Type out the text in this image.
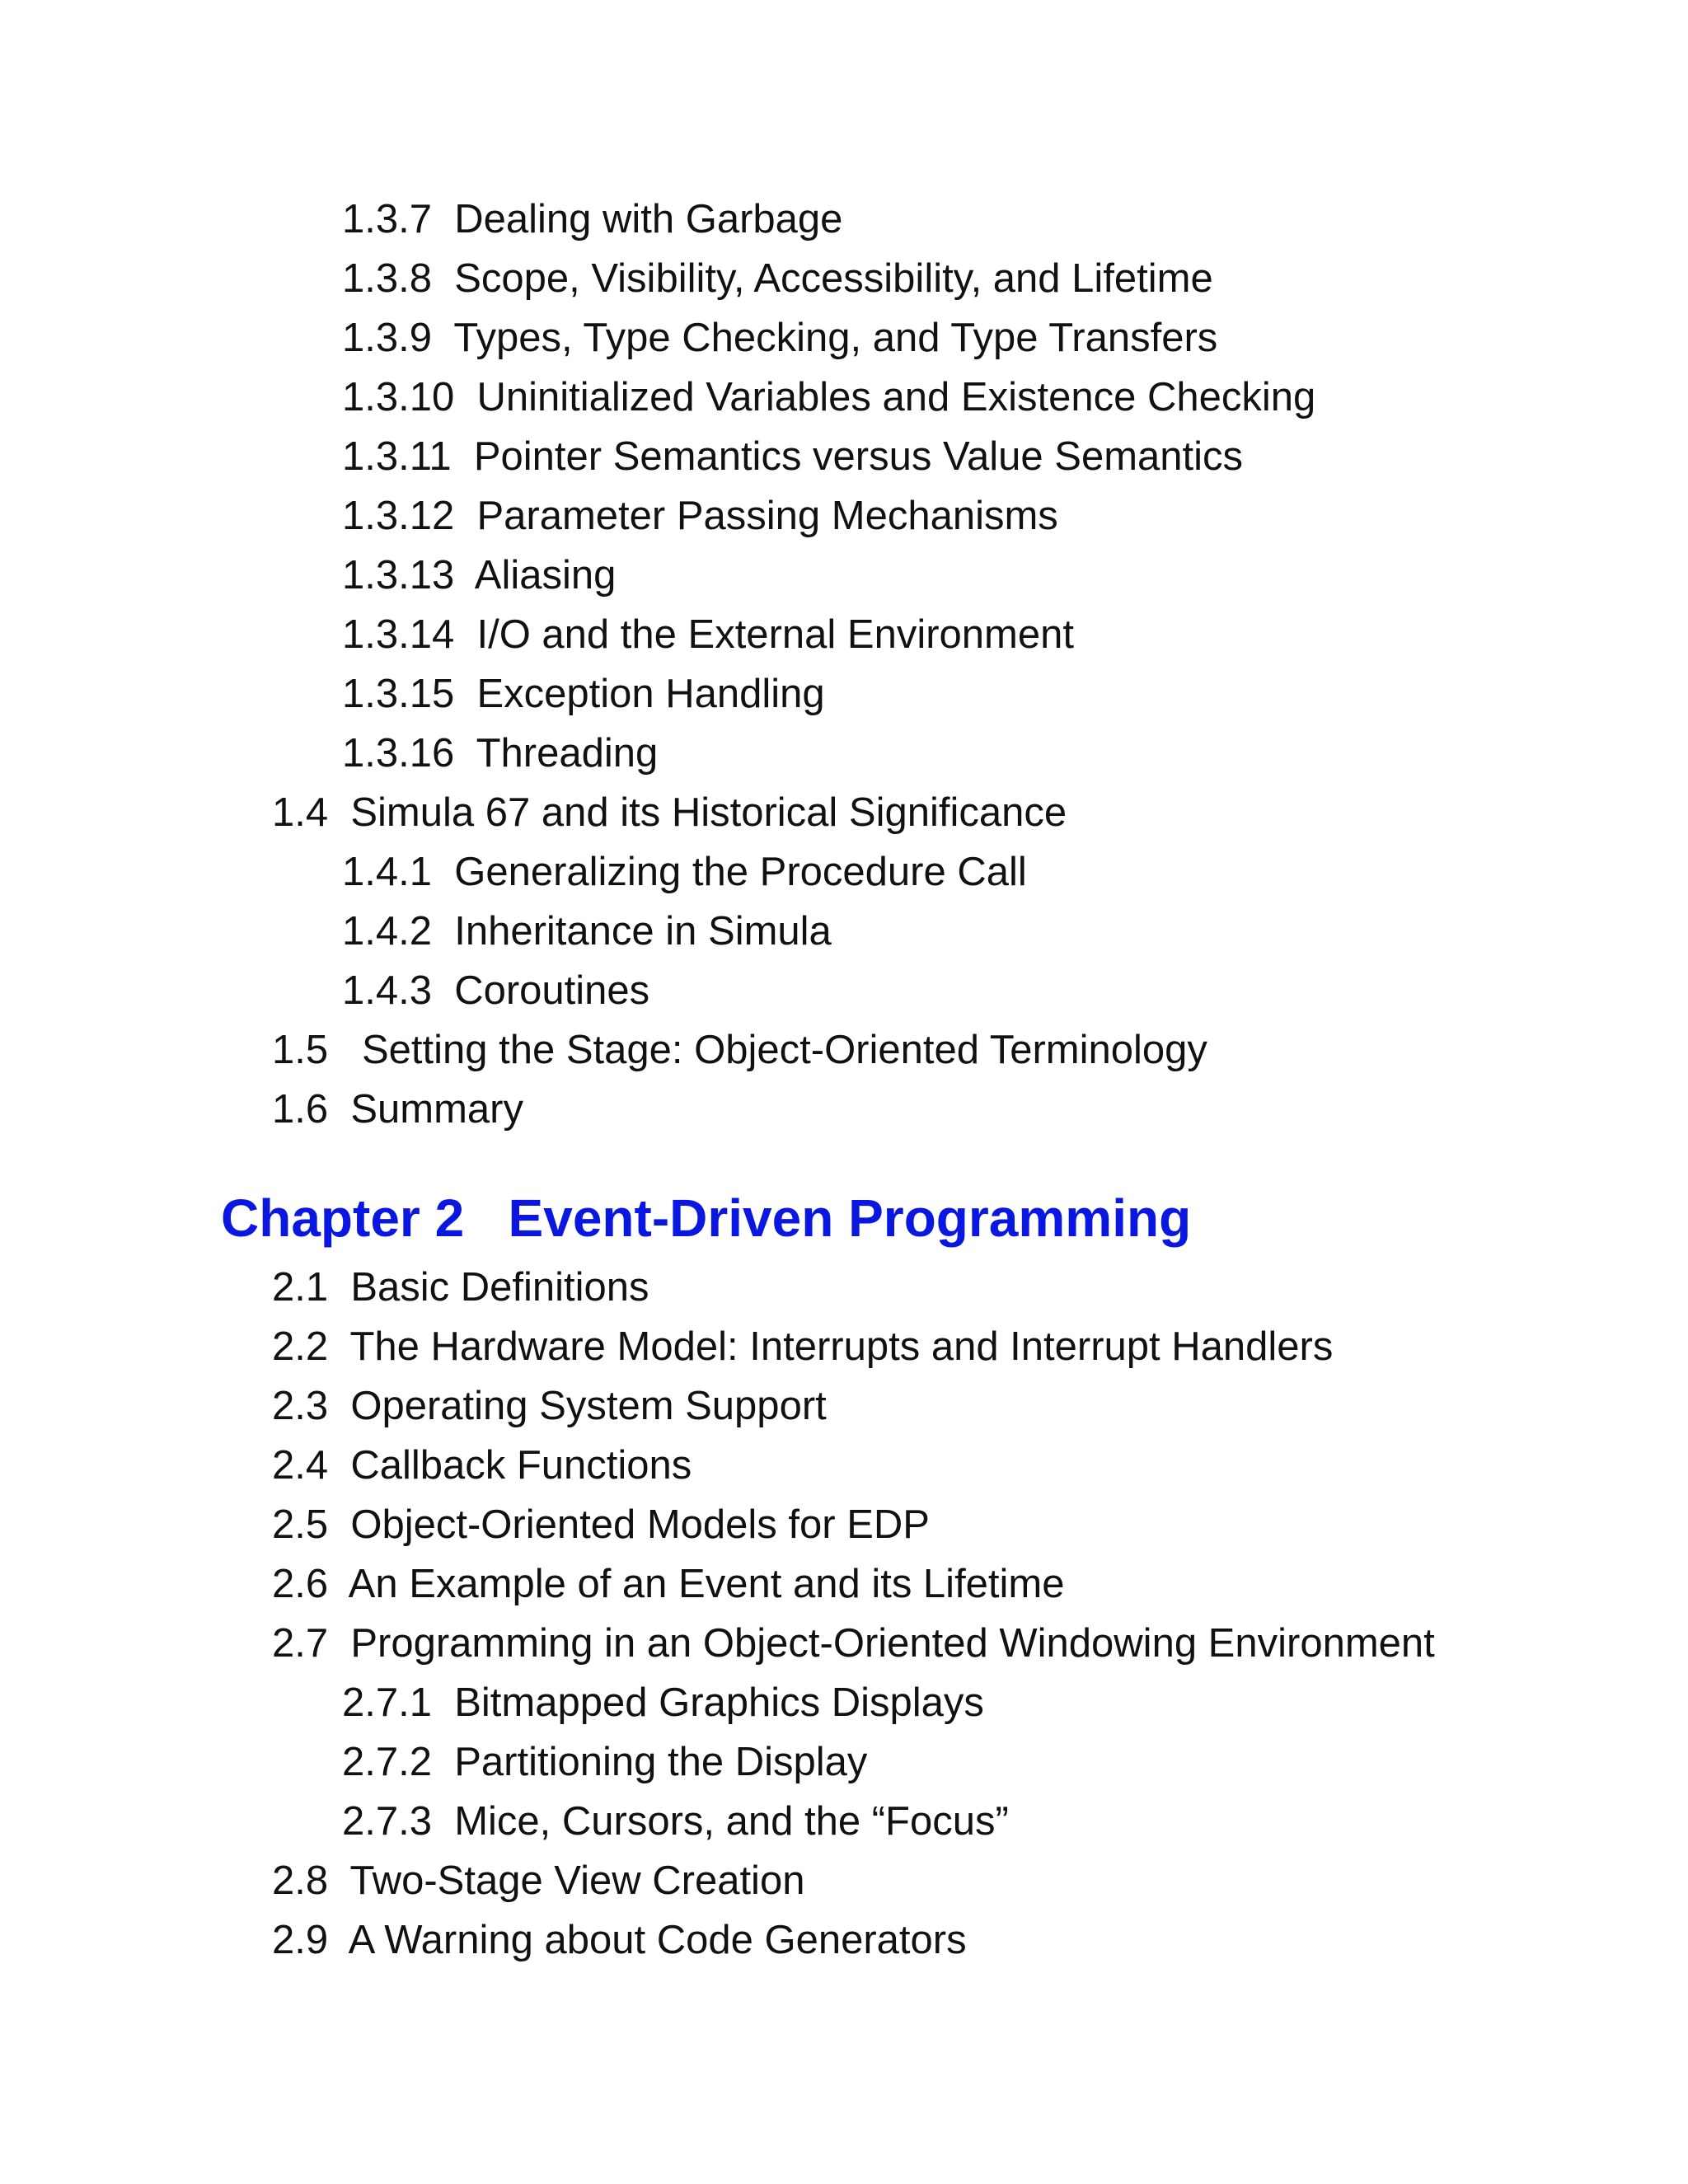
1.3.7  Dealing with Garbage
1.3.8  Scope, Visibility, Accessibility, and Lifetime
1.3.9  Types, Type Checking, and Type Transfers
1.3.10  Uninitialized Variables and Existence Checking
1.3.11  Pointer Semantics versus Value Semantics
1.3.12  Parameter Passing Mechanisms
1.3.13  Aliasing
1.3.14  I/O and the External Environment
1.3.15  Exception Handling
1.3.16  Threading
1.4  Simula 67 and its Historical Significance
1.4.1  Generalizing the Procedure Call
1.4.2  Inheritance in Simula
1.4.3  Coroutines
1.5   Setting the Stage: Object-Oriented Terminology
1.6  Summary
Chapter 2   Event-Driven Programming
2.1  Basic Definitions
2.2  The Hardware Model: Interrupts and Interrupt Handlers
2.3  Operating System Support
2.4  Callback Functions
2.5  Object-Oriented Models for EDP
2.6  An Example of an Event and its Lifetime
2.7  Programming in an Object-Oriented Windowing Environment
2.7.1  Bitmapped Graphics Displays
2.7.2  Partitioning the Display
2.7.3  Mice, Cursors, and the “Focus”
2.8  Two-Stage View Creation
2.9  A Warning about Code Generators
